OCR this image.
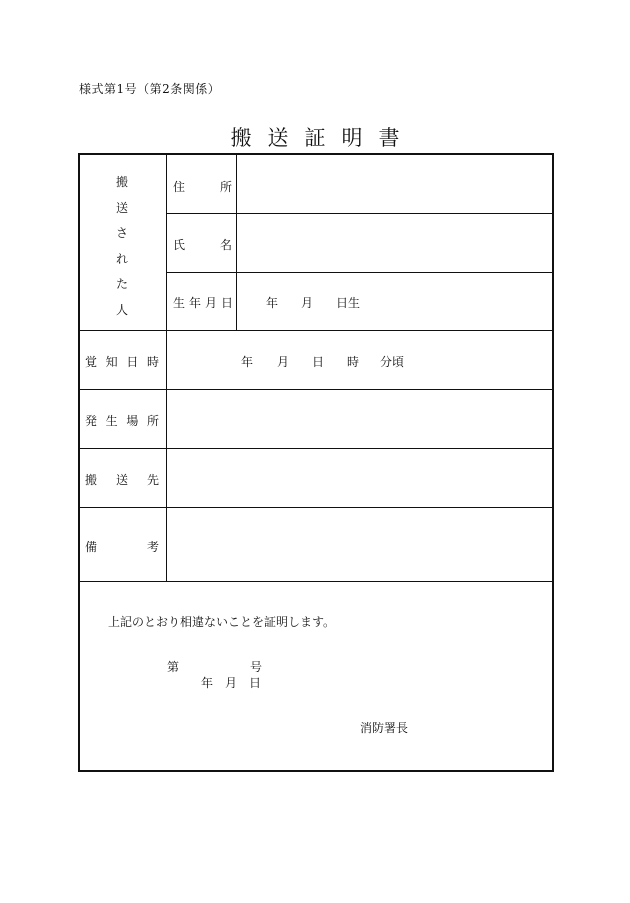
様式第1号（第2条関係）
搬 送 証 明 書
搬
送
さ
れ
た
人
住	所
氏	名
生 年 月 日	年 月 日生
覚 知 日 時	年 月 日 時 分頃
発 生 場 所
搬 送 先
備	考
上記のとおり相違ないことを証明します。
第	号
年 月 日
消防署長
